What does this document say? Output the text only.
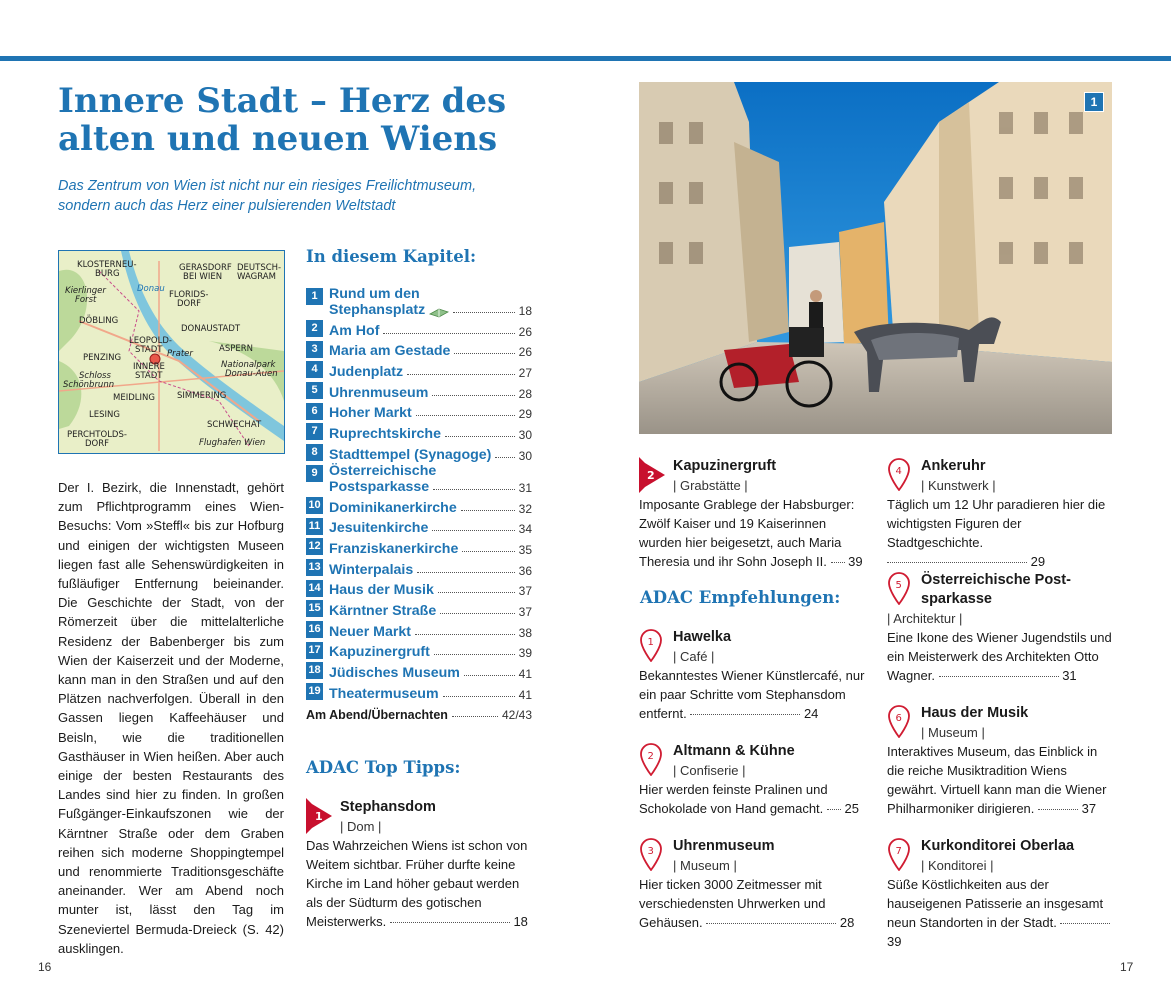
Innere Stadt – Herz des
alten und neuen Wiens

Das Zentrum von Wien ist nicht nur ein riesiges Freilichtmuseum,
sondern auch das Herz einer pulsierenden Weltstadt

KLOSTERNEU-
BURG
GERASDORF
BEI WIEN
DEUTSCH-
WAGRAM
Kierlinger
Forst
Donau
FLORIDS-
DORF
DÖBLING
DONAUSTADT
LEOPOLD-
STADT Prater	ASPERN
PENZING
INNERE
STADT
Nationalpark
Donau-Auen
Schloss
Schönbrunn
MEIDLING	SIMMERING
LESING
SCHWECHAT
PERCHTOLDS-
DORF	Flughafen Wien

Der I. Bezirk, die Innenstadt, gehört zum Pflichtprogramm eines Wien-Besuchs: Vom »Steffl« bis zur Hofburg und einigen der wichtigsten Museen liegen fast alle Sehenswürdigkeiten in fußläufiger Entfernung beieinander. Die Geschichte der Stadt, von der Römerzeit über die mittelalterliche Residenz der Babenberger bis zum Wien der Kaiserzeit und der Moderne, kann man in den Straßen und auf den Plätzen nachverfolgen. Überall in den Gassen liegen Kaffeehäuser und Beisln, wie die traditionellen Gasthäuser in Wien heißen. Aber auch einige der besten Restaurants des Landes sind hier zu finden. In großen Fußgänger-Einkaufszonen wie der Kärntner Straße oder dem Graben reihen sich moderne Shoppingtempel und renommierte Traditionsgeschäfte aneinander. Wer am Abend noch munter ist, lässt den Tag im Szeneviertel Bermuda-Dreieck (S. 42) ausklingen.

In diesem Kapitel:
1 Rund um den
Stephansplatz	18
2 Am Hof	26
3 Maria am Gestade	26
4 Judenplatz	27
5 Uhrenmuseum	28
6 Hoher Markt	29
7 Ruprechtskirche	30
8 Stadttempel (Synagoge) 30
9 Österreichische
Postsparkasse	31
10 Dominikanerkirche	32
11 Jesuitenkirche	34
12 Franziskanerkirche	35
13 Winterpalais	36
14 Haus der Musik	37
15 Kärntner Straße	37
16 Neuer Markt	38
17 Kapuzinergruft	39
18 Jüdisches Museum	41
19 Theatermuseum	41
Am Abend/Übernachten	42/43
ADAC Top Tipps:
1
Stephansdom
| Dom |

Das Wahrzeichen Wiens ist schon von Weitem sichtbar. Früher durfte keine Kirche im Land höher gebaut werden als der Südturm des gotischen Meisterwerks.	18

16
1
2
Kapuzinergruft
| Grabstätte |

Imposante Grablege der Habsburger: Zwölf Kaiser und 19 Kaiserinnen wurden hier beigesetzt, auch Maria Theresia und ihr Sohn Joseph II. 39

ADAC Empfehlungen:
1 Hawelka
| Café |

Bekanntestes Wiener Künstlercafé, nur ein paar Schritte vom Stephansdom entfernt.	24

2 Altmann & Kühne
| Confiserie |

Hier werden feinste Pralinen und Schokolade von Hand gemacht. 25

3 Uhrenmuseum
| Museum |

Hier ticken 3000 Zeitmesser mit verschiedensten Uhrwerken und Gehäusen.	28

4 Ankeruhr
| Kunstwerk |

Täglich um 12 Uhr paradieren hier die wichtigsten Figuren der Stadtgeschichte.  29

5 Österreichische Post-
sparkasse
| Architektur |

Eine Ikone des Wiener Jugendstils und ein Meisterwerk des Architekten Otto Wagner.	31

6 Haus der Musik
| Museum |

Interaktives Museum, das Einblick in die reiche Musiktradition Wiens gewährt. Virtuell kann man die Wiener Philharmoniker dirigieren.	37

7 Kurkonditorei Oberlaa
| Konditorei |

Süße Köstlichkeiten aus der hauseigenen Patisserie an insgesamt neun Standorten in der Stadt.  39

17
